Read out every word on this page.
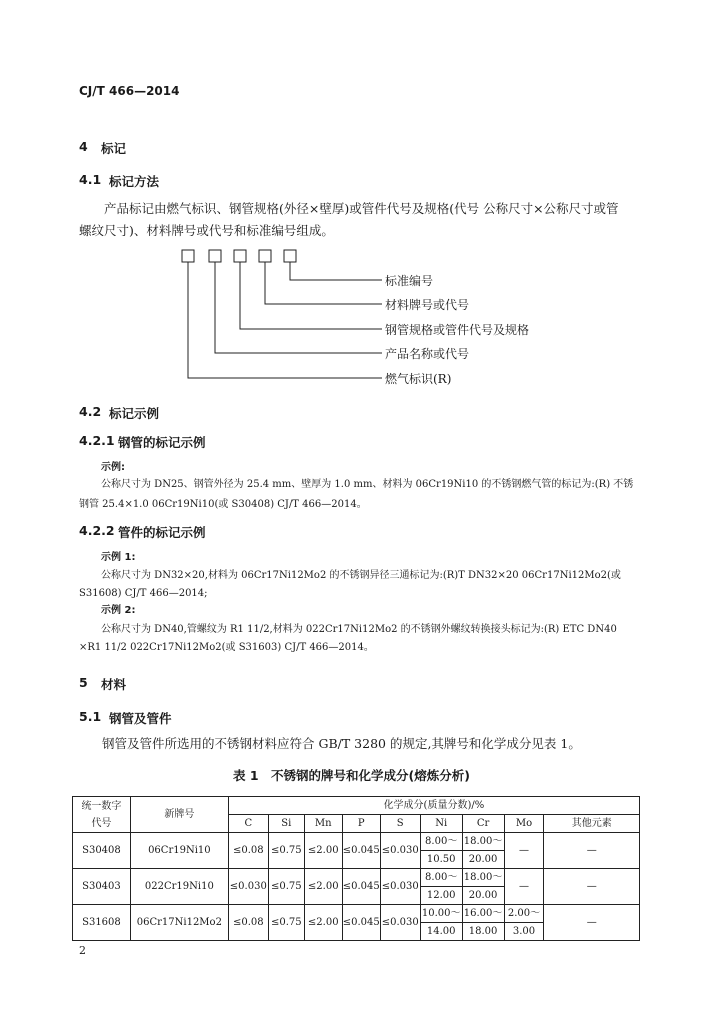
CJ/T 466—2014
4 标记
4.1 标记方法
产品标记由燃气标识、钢管规格(外径×壁厚)或管件代号及规格(代号 公称尺寸×公称尺寸或管
螺纹尺寸)、材料牌号或代号和标准编号组成。
标准编号
材料牌号或代号
钢管规格或管件代号及规格
产品名称或代号
燃气标识(R)
4.2 标记示例
4.2.1 钢管的标记示例
示例:
公称尺寸为 DN25、钢管外径为 25.4 mm、壁厚为 1.0 mm、材料为 06Cr19Ni10 的不锈钢燃气管的标记为:(R) 不锈
钢管 25.4×1.0 06Cr19Ni10(或 S30408) CJ/T 466—2014。
4.2.2 管件的标记示例
示例 1:
公称尺寸为 DN32×20,材料为 06Cr17Ni12Mo2 的不锈钢异径三通标记为:(R)T DN32×20 06Cr17Ni12Mo2(或
S31608) CJ/T 466—2014;
示例 2:
公称尺寸为 DN40,管螺纹为 R1 11/2,材料为 022Cr17Ni12Mo2 的不锈钢外螺纹转换接头标记为:(R) ETC DN40
×R1 11/2 022Cr17Ni12Mo2(或 S31603) CJ/T 466—2014。
5 材料
5.1 钢管及管件
钢管及管件所选用的不锈钢材料应符合 GB/T 3280 的规定,其牌号和化学成分见表 1。
表 1　不锈钢的牌号和化学成分(熔炼分析)
统一数字
代号	新牌号	化学成分(质量分数)/%								
		C	Si	Mn	P	S	Ni	Cr	Mo	其他元素
S30408	06Cr19Ni10	≤0.08	≤0.75	≤2.00	≤0.045	≤0.030	8.00～	18.00～	—	—
							10.50	20.00		
S30403	022Cr19Ni10	≤0.030	≤0.75	≤2.00	≤0.045	≤0.030	8.00～	18.00～	—	—
							12.00	20.00		
S31608	06Cr17Ni12Mo2	≤0.08	≤0.75	≤2.00	≤0.045	≤0.030	10.00～	16.00～	2.00～	—
							14.00	18.00	3.00	
2
